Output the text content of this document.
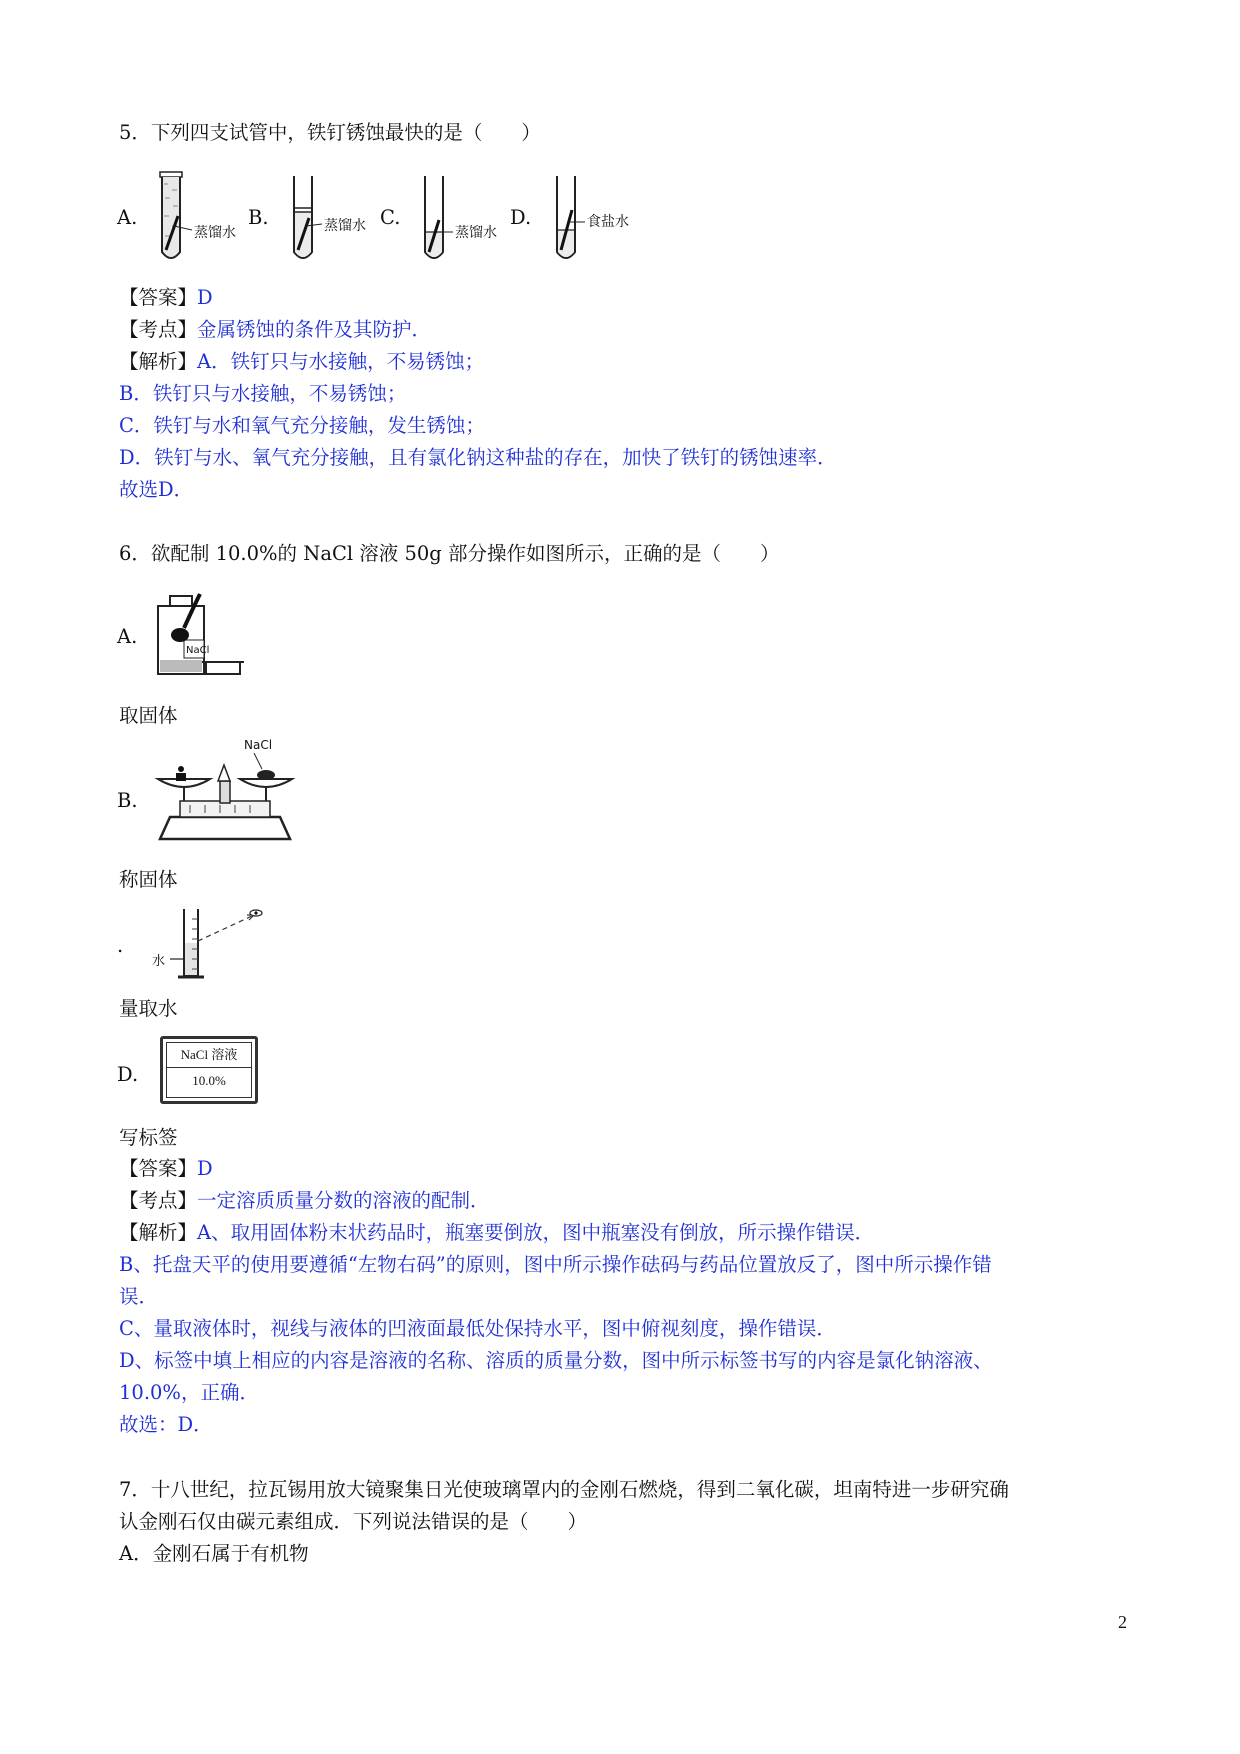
5．下列四支试管中，铁钉锈蚀最快的是（　　）
A.	B.	C.	D.
蒸馏水	蒸馏水	蒸馏水
食盐水
【答案】D
【考点】金属锈蚀的条件及其防护．
【解析】A．铁钉只与水接触，不易锈蚀；
B．铁钉只与水接触，不易锈蚀；
C．铁钉与水和氧气充分接触，发生锈蚀；
D．铁钉与水、氧气充分接触，且有氯化钠这种盐的存在，加快了铁钉的锈蚀速率．
故选D．
6．欲配制 10.0%的 NaCl 溶液 50g 部分操作如图所示，正确的是（　　）
A.
NaCl
取固体
B.
NaCl
称固体
.
水
量取水
D.
NaCl 溶液
10.0%
写标签
【答案】D
【考点】一定溶质质量分数的溶液的配制．
【解析】A、取用固体粉末状药品时，瓶塞要倒放，图中瓶塞没有倒放，所示操作错误．
B、托盘天平的使用要遵循“左物右码”的原则，图中所示操作砝码与药品位置放反了，图中所示操作错
误．
C、量取液体时，视线与液体的凹液面最低处保持水平，图中俯视刻度，操作错误．
D、标签中填上相应的内容是溶液的名称、溶质的质量分数，图中所示标签书写的内容是氯化钠溶液、
10.0%，正确．
故选：D．
7．十八世纪，拉瓦锡用放大镜聚集日光使玻璃罩内的金刚石燃烧，得到二氧化碳，坦南特进一步研究确
认金刚石仅由碳元素组成．下列说法错误的是（　　）
A．金刚石属于有机物
2
